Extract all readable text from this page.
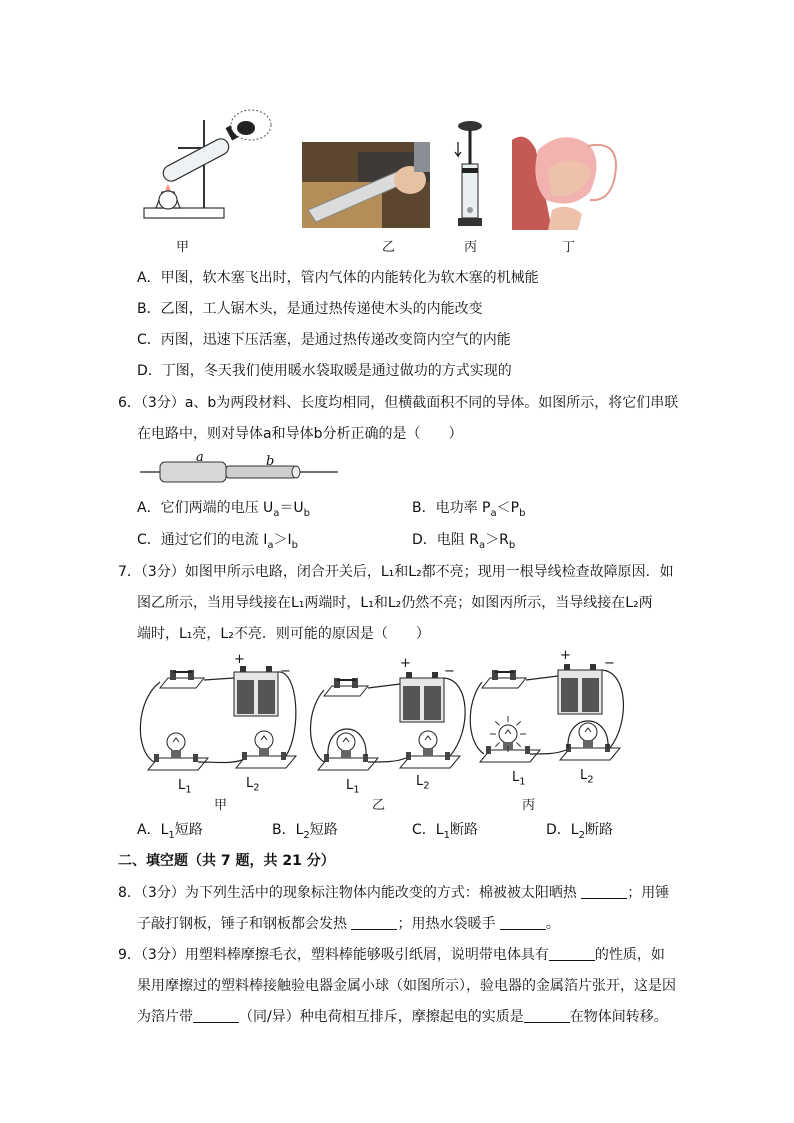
甲	乙	丙	丁
A．甲图，软木塞飞出时，管内气体的内能转化为软木塞的机械能
B．乙图，工人锯木头，是通过热传递使木头的内能改变
C．丙图，迅速下压活塞，是通过热传递改变筒内空气的内能
D．丁图，冬天我们使用暖水袋取暖是通过做功的方式实现的
6．（3分）a、b为两段材料、长度均相同，但横截面积不同的导体。如图所示，将它们串联
在电路中，则对导体a和导体b分析正确的是（　　）
a	b
A．它们两端的电压 $U_a=U_b$	B．电功率 $P_a<P_b$
C．通过它们的电流 $I_a>I_b$	D．电阻 $R_a>R_b$
7．（3分）如图甲所示电路，闭合开关后，L₁和L₂都不亮；现用一根导线检查故障原因．如
图乙所示，当用导线接在L₁两端时，L₁和L₂仍然不亮；如图丙所示，当导线接在L₂两
端时，L₁亮，L₂不亮．则可能的原因是（　　）
$L_1$	$L_2$
甲
$L_1$
$L_2$
乙
$L_1$	$L_2$
丙
+
−
+
−
+
−
A．$L_1$短路	B．$L_2$短路	C．$L_1$断路	D．$L_2$断路
二、填空题（共 7 题，共 21 分）
8．（3分）为下列生活中的现象标注物体内能改变的方式：棉被被太阳晒热	；用锤
子敲打钢板，锤子和钢板都会发热	；用热水袋暖手	。
9．（3分）用塑料棒摩擦毛衣，塑料棒能够吸引纸屑，说明带电体具有	的性质，如
果用摩擦过的塑料棒接触验电器金属小球（如图所示），验电器的金属箔片张开，这是因
为箔片带	（同/异）种电荷相互排斥，摩擦起电的实质是	在物体间转移。
